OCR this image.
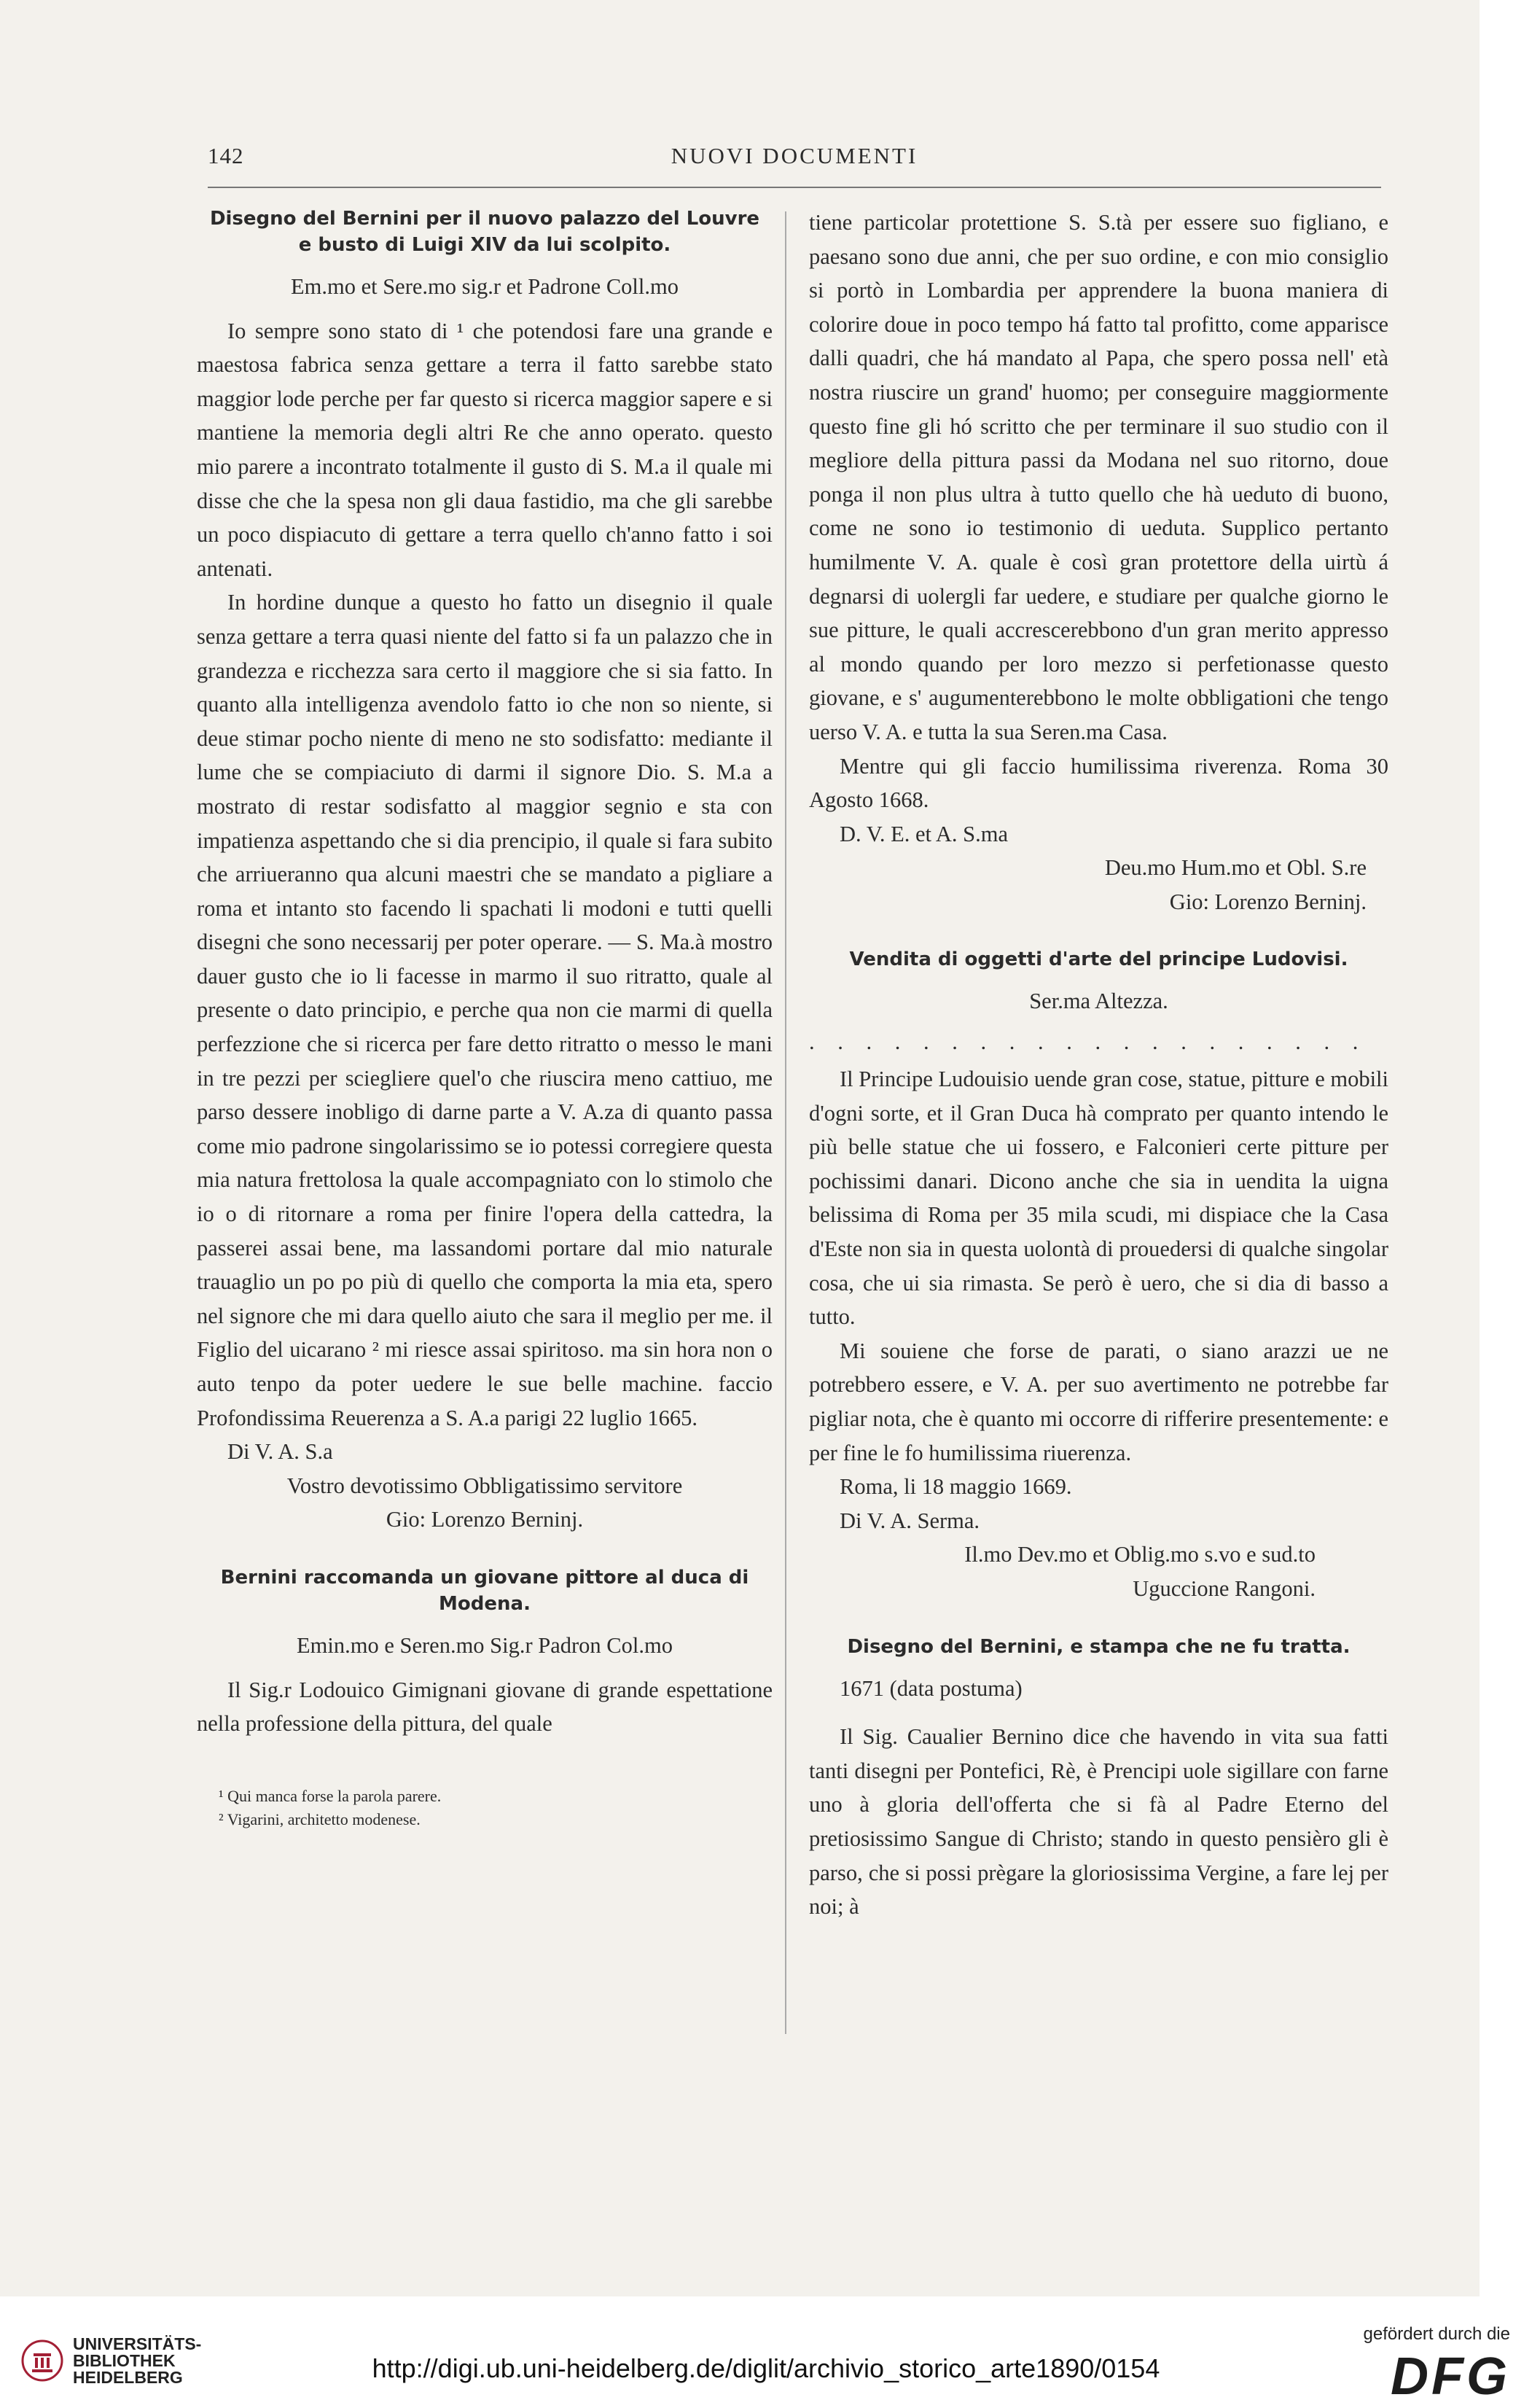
142	NUOVI DOCUMENTI
Disegno del Bernini per il nuovo palazzo del Louvre
e busto di Luigi XIV da lui scolpito.

Em.mo et Sere.mo sig.r et Padrone Coll.mo

Io sempre sono stato di ¹ che potendosi fare una grande e maestosa fabrica senza gettare a terra il fatto sarebbe stato maggior lode perche per far questo si ricerca maggior sapere e si mantiene la memoria degli altri Re che anno operato. questo mio parere a incontrato totalmente il gusto di S. M.a il quale mi disse che che la spesa non gli daua fastidio, ma che gli sarebbe un poco dispiacuto di gettare a terra quello ch'anno fatto i soi antenati.

In hordine dunque a questo ho fatto un disegnio il quale senza gettare a terra quasi niente del fatto si fa un palazzo che in grandezza e ricchezza sara certo il maggiore che si sia fatto. In quanto alla intelligenza avendolo fatto io che non so niente, si deue stimar pocho niente di meno ne sto sodisfatto: mediante il lume che se compiaciuto di darmi il signore Dio. S. M.a a mostrato di restar sodisfatto al maggior segnio e sta con impatienza aspettando che si dia prencipio, il quale si fara subito che arriueranno qua alcuni maestri che se mandato a pigliare a roma et intanto sto facendo li spachati li modoni e tutti quelli disegni che sono necessarij per poter operare. — S. Ma.à mostro dauer gusto che io li facesse in marmo il suo ritratto, quale al presente o dato principio, e perche qua non cie marmi di quella perfezzione che si ricerca per fare detto ritratto o messo le mani in tre pezzi per sciegliere quel'o che riuscira meno cattiuo, me parso dessere inobligo di darne parte a V. A.za di quanto passa come mio padrone singolarissimo se io potessi corregiere questa mia natura frettolosa la quale accompagniato con lo stimolo che io o di ritornare a roma per finire l'opera della cattedra, la passerei assai bene, ma lassandomi portare dal mio naturale trauaglio un po po più di quello che comporta la mia eta, spero nel signore che mi dara quello aiuto che sara il meglio per me. il Figlio del uicarano ² mi riesce assai spiritoso. ma sin hora non o auto tenpo da poter uedere le sue belle machine. faccio Profondissima Reuerenza a S. A.a parigi 22 luglio 1665.

Di V. A. S.a

Vostro devotissimo Obbligatissimo servitore

Gio: Lorenzo Berninj.

Bernini raccomanda un giovane pittore al duca di Modena.

Emin.mo e Seren.mo Sig.r Padron Col.mo

Il Sig.r Lodouico Gimignani giovane di grande espettatione nella professione della pittura, del quale

¹ Qui manca forse la parola parere.

² Vigarini, architetto modenese.

tiene particolar protettione S. S.tà per essere suo figliano, e paesano sono due anni, che per suo ordine, e con mio consiglio si portò in Lombardia per apprendere la buona maniera di colorire doue in poco tempo há fatto tal profitto, come apparisce dalli quadri, che há mandato al Papa, che spero possa nell' età nostra riuscire un grand' huomo; per conseguire maggiormente questo fine gli hó scritto che per terminare il suo studio con il megliore della pittura passi da Modana nel suo ritorno, doue ponga il non plus ultra à tutto quello che hà ueduto di buono, come ne sono io testimonio di ueduta. Supplico pertanto humilmente V. A. quale è così gran protettore della uirtù á degnarsi di uolergli far uedere, e studiare per qualche giorno le sue pitture, le quali accrescerebbono d'un gran merito appresso al mondo quando per loro mezzo si perfetionasse questo giovane, e s' augumenterebbono le molte obbligationi che tengo uerso V. A. e tutta la sua Seren.ma Casa.

Mentre qui gli faccio humilissima riverenza. Roma 30 Agosto 1668.

D. V. E. et A. S.ma

Deu.mo Hum.mo et Obl. S.re

Gio: Lorenzo Berninj.

Vendita di oggetti d'arte del principe Ludovisi.

Ser.ma Altezza.

. . . . . . . . . . . . . . . . . . . .

Il Principe Ludouisio uende gran cose, statue, pitture e mobili d'ogni sorte, et il Gran Duca hà comprato per quanto intendo le più belle statue che ui fossero, e Falconieri certe pitture per pochissimi danari. Dicono anche che sia in uendita la uigna belissima di Roma per 35 mila scudi, mi dispiace che la Casa d'Este non sia in questa uolontà di prouedersi di qualche singolar cosa, che ui sia rimasta. Se però è uero, che si dia di basso a tutto.

Mi souiene che forse de parati, o siano arazzi ue ne potrebbero essere, e V. A. per suo avertimento ne potrebbe far pigliar nota, che è quanto mi occorre di rifferire presentemente: e per fine le fo humilissima riuerenza.

Roma, li 18 maggio 1669.

Di V. A. Serma.

Il.mo Dev.mo et Oblig.mo s.vo e sud.to

Uguccione Rangoni.

Disegno del Bernini, e stampa che ne fu tratta.

1671 (data postuma)

Il Sig. Caualier Bernino dice che havendo in vita sua fatti tanti disegni per Pontefici, Rè, è Prencipi uole sigillare con farne uno à gloria dell'offerta che si fà al Padre Eterno del pretiosissimo Sangue di Christo; stando in questo pensièro gli è parso, che si possi prègare la gloriosissima Vergine, a fare lej per noi; à

UNIVERSITÄTS-
BIBLIOTHEK
HEIDELBERG	http://digi.ub.uni-heidelberg.de/diglit/archivio_storico_arte1890/0154
gefördert durch die
DFG
